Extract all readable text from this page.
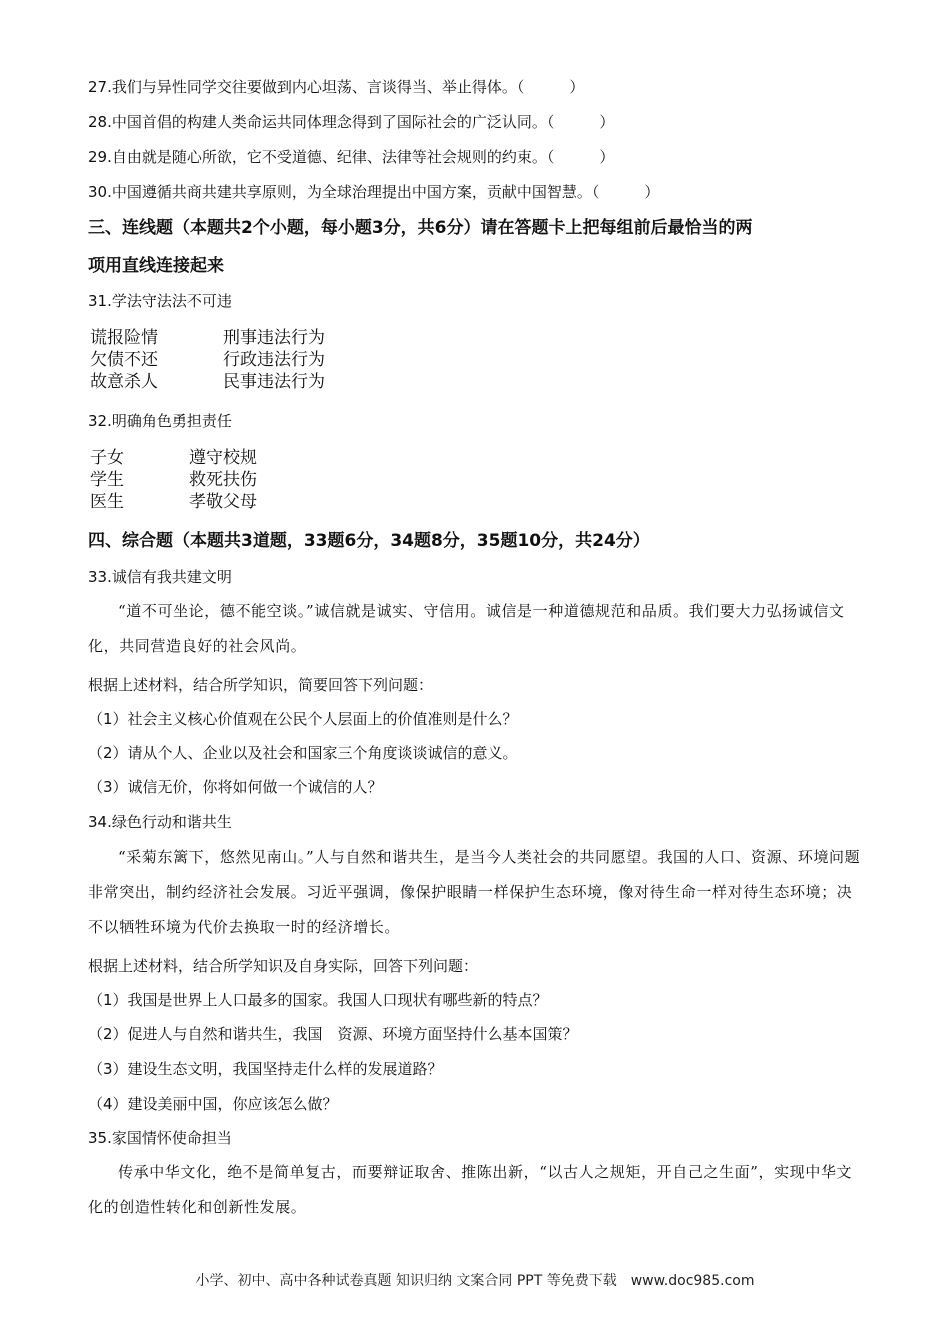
27.我们与异性同学交往要做到内心坦荡、言谈得当、举止得体。（　　　）
28.中国首倡的构建人类命运共同体理念得到了国际社会的广泛认同。（　　　）
29.自由就是随心所欲，它不受道德、纪律、法律等社会规则的约束。（　　　）
30.中国遵循共商共建共享原则，为全球治理提出中国方案，贡献中国智慧。（　　　）
三、连线题（本题共2个小题，每小题3分，共6分）请在答题卡上把每组前后最恰当的两
项用直线连接起来
31.学法守法法不可违
谎报险情
欠债不还
故意杀人
刑事违法行为
行政违法行为
民事违法行为
32.明确角色勇担责任
子女
学生
医生
遵守校规
救死扶伤
孝敬父母
四、综合题（本题共3道题，33题6分，34题8分，35题10分，共24分）
33.诚信有我共建文明
“道不可坐论，德不能空谈。”诚信就是诚实、守信用。诚信是一种道德规范和品质。我们要大力弘扬诚信文化，共同营造良好的社会风尚。
根据上述材料，结合所学知识，简要回答下列问题：
（1）社会主义核心价值观在公民个人层面上的价值准则是什么？
（2）请从个人、企业以及社会和国家三个角度谈谈诚信的意义。
（3）诚信无价，你将如何做一个诚信的人？
34.绿色行动和谐共生
“采菊东篱下，悠然见南山。”人与自然和谐共生，是当今人类社会的共同愿望。我国的人口、资源、环境问题非常突出，制约经济社会发展。习近平强调，像保护眼睛一样保护生态环境，像对待生命一样对待生态环境；决不以牺牲环境为代价去换取一时的经济增长。
根据上述材料，结合所学知识及自身实际，回答下列问题：
（1）我国是世界上人口最多的国家。我国人口现状有哪些新的特点？
（2）促进人与自然和谐共生，我国　资源、环境方面坚持什么基本国策？
（3）建设生态文明，我国坚持走什么样的发展道路？
（4）建设美丽中国，你应该怎么做？
35.家国情怀使命担当
传承中华文化，绝不是简单复古，而要辩证取舍、推陈出新，“以古人之规矩，开自己之生面”，实现中华文化的创造性转化和创新性发展。
小学、初中、高中各种试卷真题 知识归纳 文案合同 PPT 等免费下载　www.doc985.com
